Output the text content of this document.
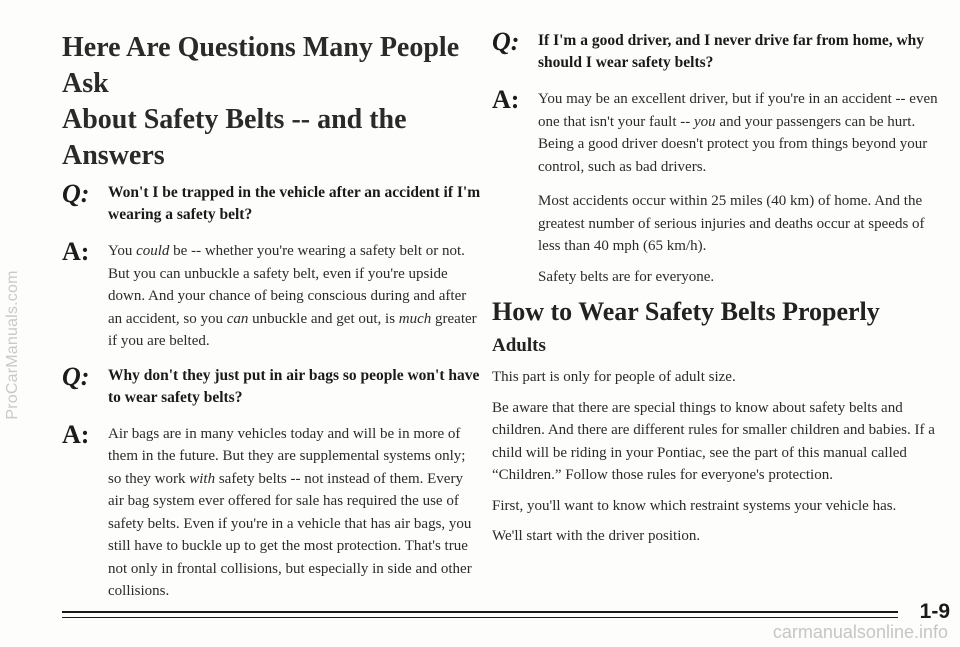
ProCarManuals.com
Here Are Questions Many People Ask
About Safety Belts -- and the Answers
Q: Won't I be trapped in the vehicle after an accident if I'm wearing a safety belt?
A: You could be -- whether you're wearing a safety belt or not. But you can unbuckle a safety belt, even if you're upside down. And your chance of being conscious during and after an accident, so you can unbuckle and get out, is much greater if you are belted.
Q: Why don't they just put in air bags so people won't have to wear safety belts?
A: Air bags are in many vehicles today and will be in more of them in the future. But they are supplemental systems only; so they work with safety belts -- not instead of them. Every air bag system ever offered for sale has required the use of safety belts. Even if you're in a vehicle that has air bags, you still have to buckle up to get the most protection. That's true not only in frontal collisions, but especially in side and other collisions.
Q: If I'm a good driver, and I never drive far from home, why should I wear safety belts?
A: You may be an excellent driver, but if you're in an accident -- even one that isn't your fault -- you and your passengers can be hurt. Being a good driver doesn't protect you from things beyond your control, such as bad drivers.

Most accidents occur within 25 miles (40 km) of home. And the greatest number of serious injuries and deaths occur at speeds of less than 40 mph (65 km/h).

Safety belts are for everyone.

How to Wear Safety Belts Properly
Adults

This part is only for people of adult size.

Be aware that there are special things to know about safety belts and children. And there are different rules for smaller children and babies. If a child will be riding in your Pontiac, see the part of this manual called “Children.” Follow those rules for everyone's protection.

First, you'll want to know which restraint systems your vehicle has.

We'll start with the driver position.

1-9
carmanualsonline.info
